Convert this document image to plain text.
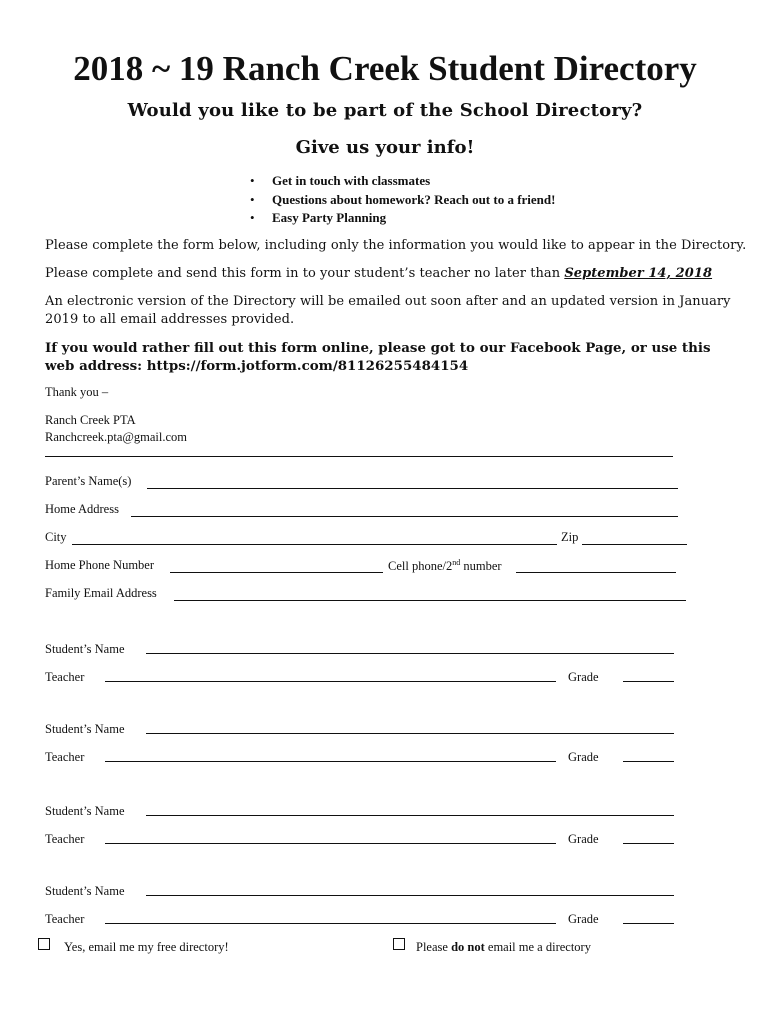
2018 ~ 19 Ranch Creek Student Directory
Would you like to be part of the School Directory?
Give us your info!
• Get in touch with classmates
• Questions about homework? Reach out to a friend!
• Easy Party Planning
Please complete the form below, including only the information you would like to appear in the Directory.
Please complete and send this form in to your student’s teacher no later than September 14, 2018
An electronic version of the Directory will be emailed out soon after and an updated version in January 2019 to all email addresses provided.
If you would rather fill out this form online, please got to our Facebook Page, or use this web address: https://form.jotform.com/81126255484154
Thank you –
Ranch Creek PTA
Ranchcreek.pta@gmail.com
Parent’s Name(s)
Home Address
City	Zip
Home Phone Number	Cell phone/2nd number
Family Email Address
Student’s Name
Teacher	Grade
Student’s Name
Teacher	Grade
Student’s Name
Teacher	Grade
Student’s Name
Teacher	Grade
Yes, email me my free directory!	Please do not email me a directory
